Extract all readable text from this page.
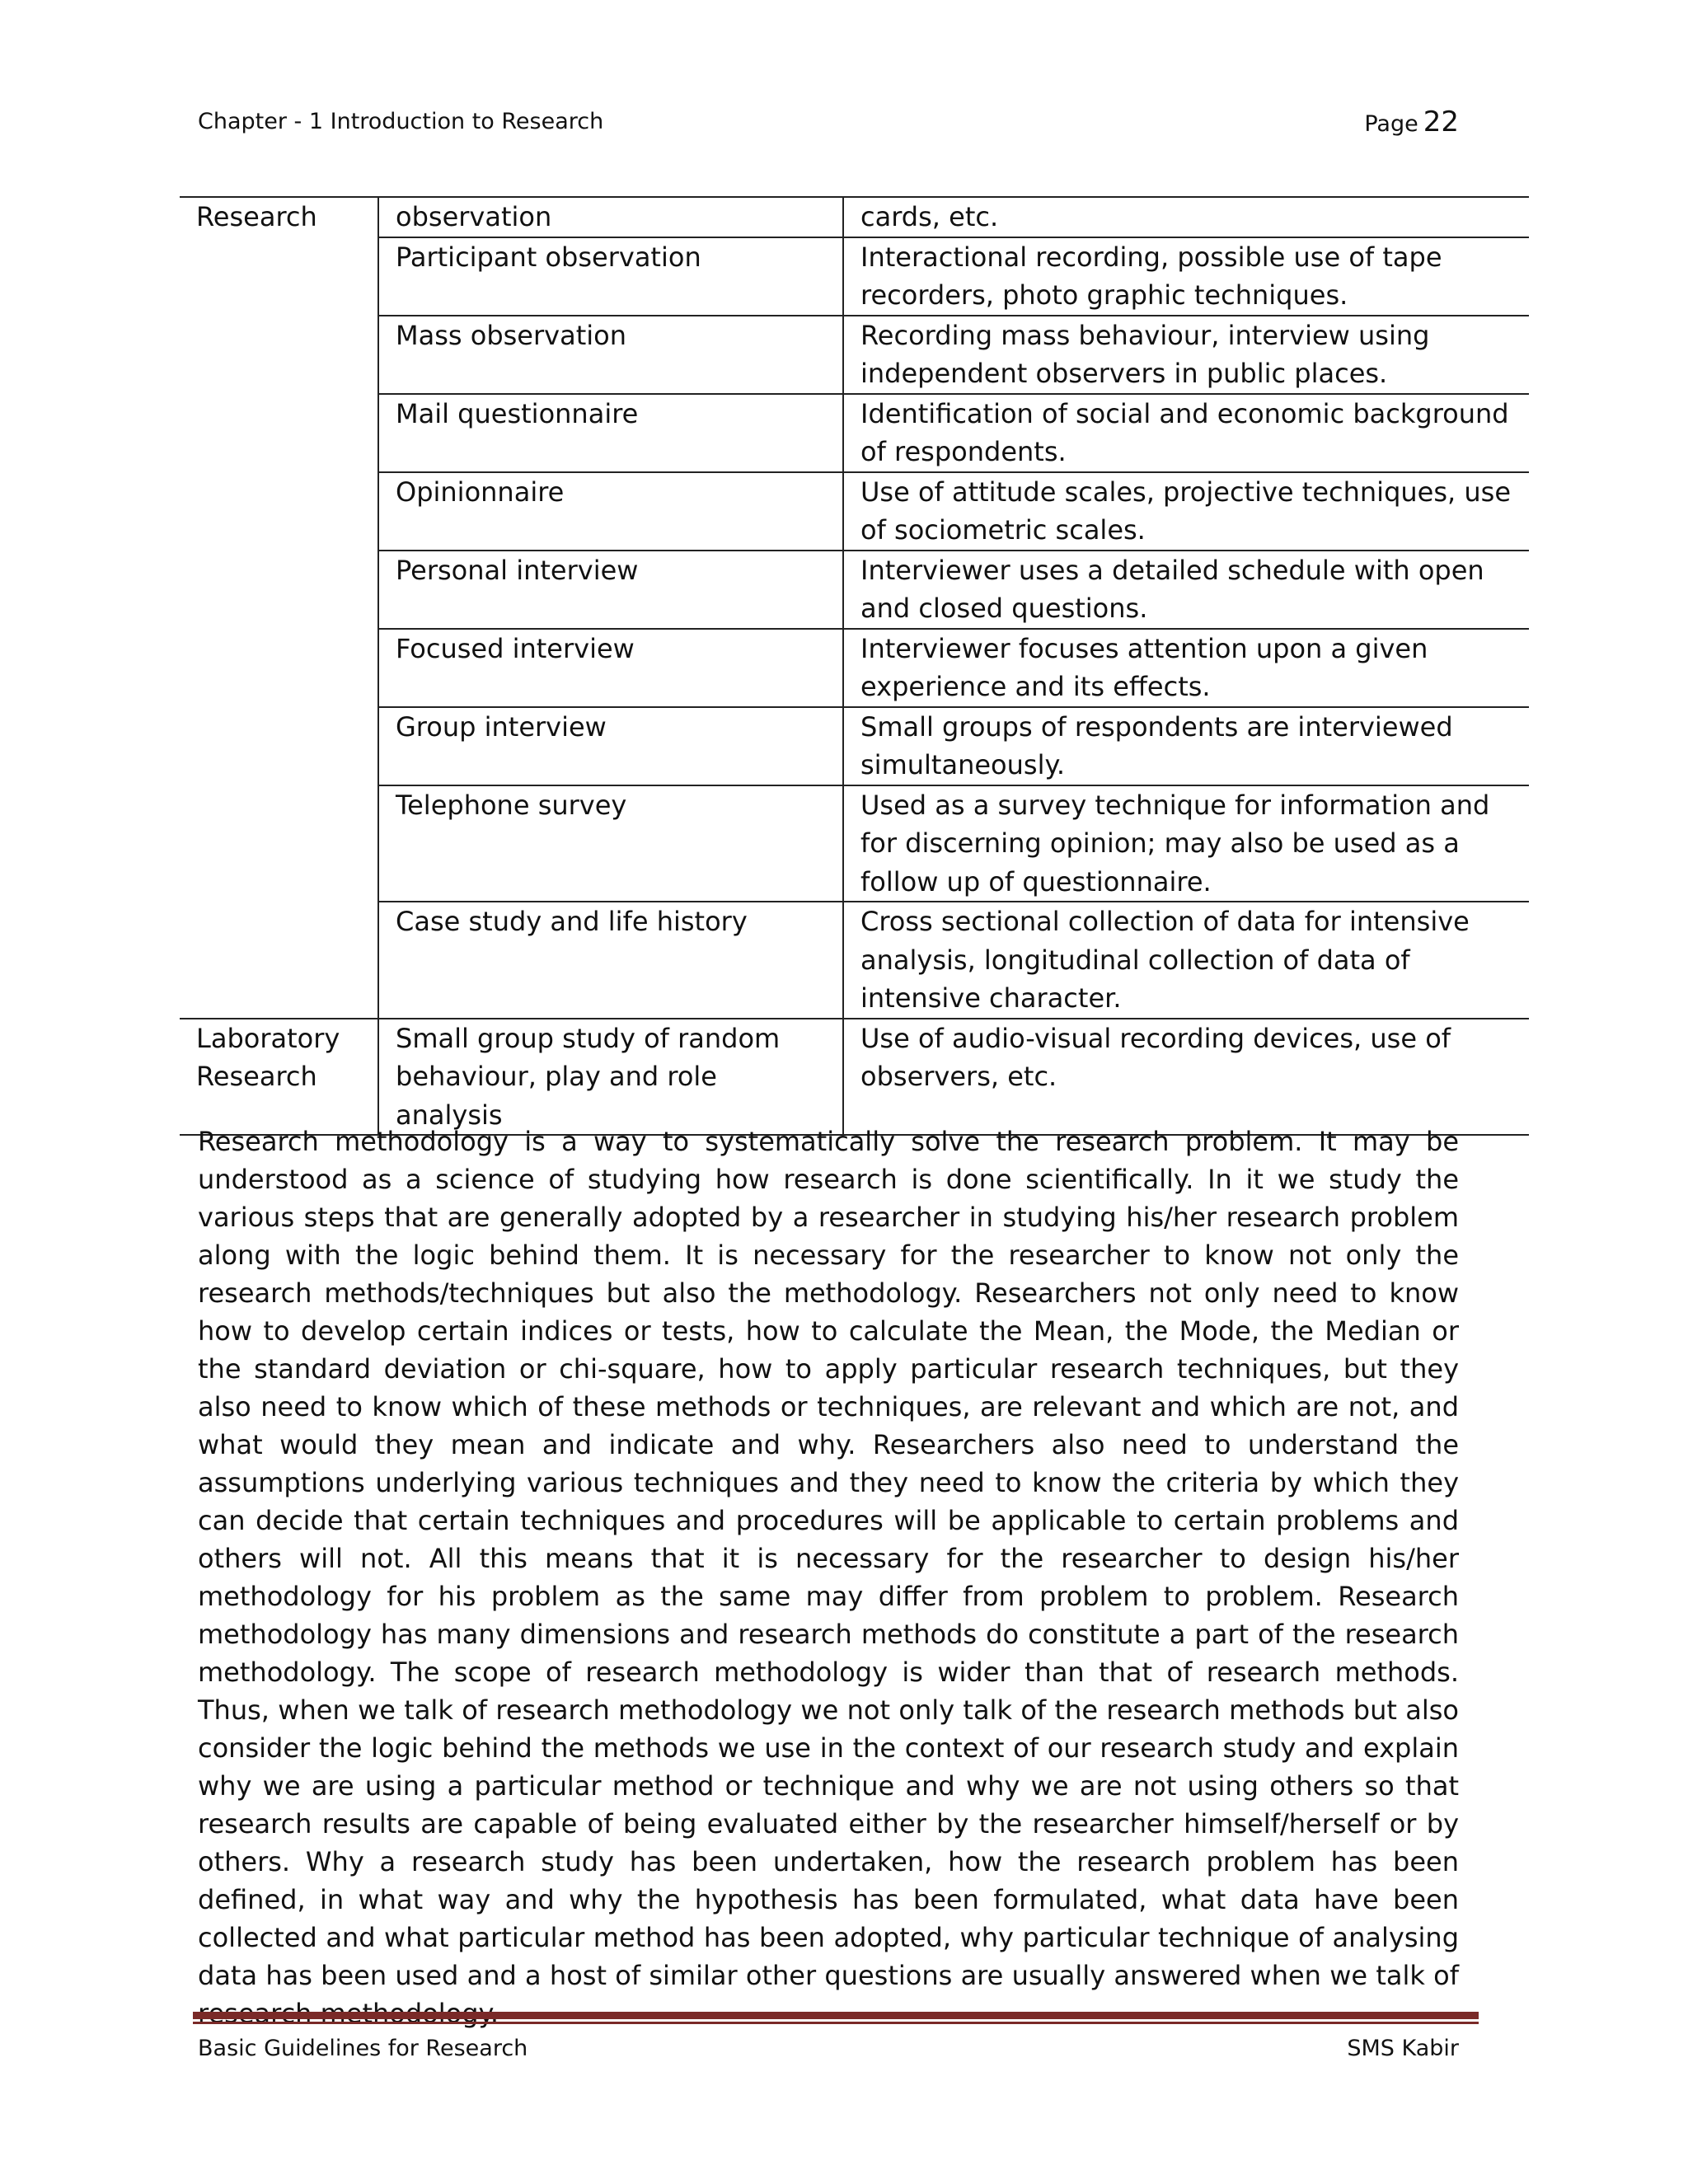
Chapter - 1 Introduction to Research	Page 22
Research	observation	cards, etc.
	Participant observation	Interactional recording, possible use of tape recorders, photo graphic techniques.
	Mass observation	Recording mass behaviour, interview using independent observers in public places.
	Mail questionnaire	Identification of social and economic background of respondents.
	Opinionnaire	Use of attitude scales, projective techniques, use of sociometric scales.
	Personal interview	Interviewer uses a detailed schedule with open and closed questions.
	Focused interview	Interviewer focuses attention upon a given experience and its effects.
	Group interview	Small groups of respondents are interviewed simultaneously.
	Telephone survey	Used as a survey technique for information and for discerning opinion; may also be used as a follow up of questionnaire.
	Case study and life history	Cross sectional collection of data for intensive analysis, longitudinal collection of data of intensive character.
Laboratory Research	Small group study of random behaviour, play and role analysis	Use of audio-visual recording devices, use of observers, etc.

Research methodology is a way to systematically solve the research problem. It may be understood as a science of studying how research is done scientifically. In it we study the various steps that are generally adopted by a researcher in studying his/her research problem along with the logic behind them. It is necessary for the researcher to know not only the research methods/techniques but also the methodology. Researchers not only need to know how to develop certain indices or tests, how to calculate the Mean, the Mode, the Median or the standard deviation or chi-square, how to apply particular research techniques, but they also need to know which of these methods or techniques, are relevant and which are not, and what would they mean and indicate and why. Researchers also need to understand the assumptions underlying various techniques and they need to know the criteria by which they can decide that certain techniques and procedures will be applicable to certain problems and others will not. All this means that it is necessary for the researcher to design his/her methodology for his problem as the same may differ from problem to problem. Research methodology has many dimensions and research methods do constitute a part of the research methodology. The scope of research methodology is wider than that of research methods. Thus, when we talk of research methodology we not only talk of the research methods but also consider the logic behind the methods we use in the context of our research study and explain why we are using a particular method or technique and why we are not using others so that research results are capable of being evaluated either by the researcher himself/herself or by others. Why a research study has been undertaken, how the research problem has been defined, in what way and why the hypothesis has been formulated, what data have been collected and what particular method has been adopted, why particular technique of analysing data has been used and a host of similar other questions are usually answered when we talk of

Basic Guidelines for Research	SMS Kabir
